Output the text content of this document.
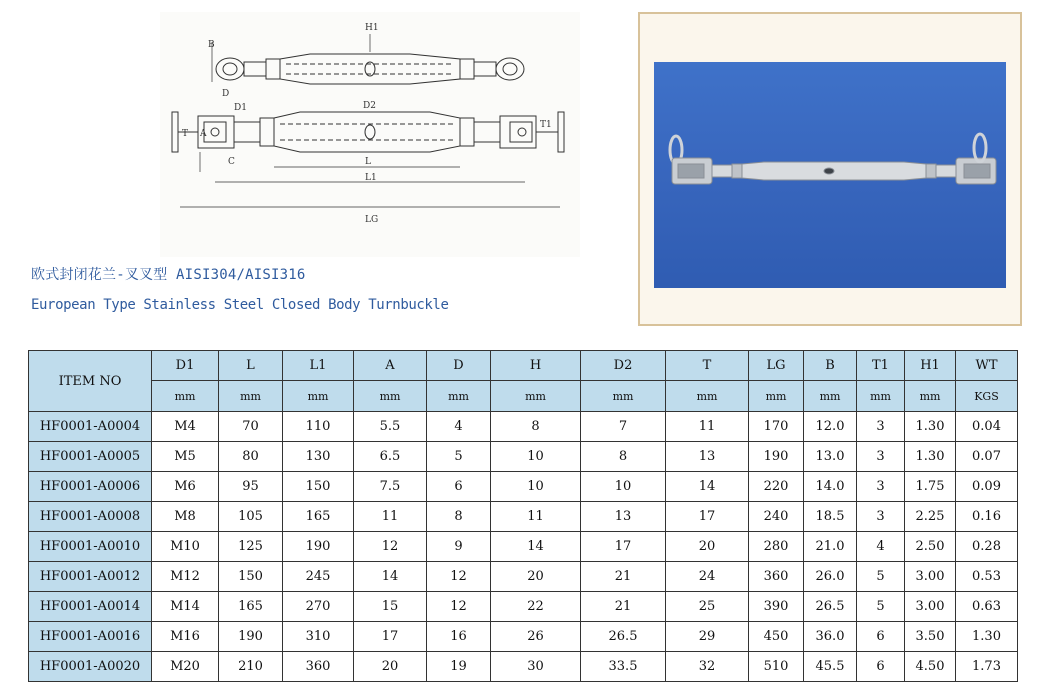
B
H1
D
D1	D2
T1
T A
C	L
L1
LG
欧式封闭花兰-叉叉型 AISI304/AISI316
European Type Stainless Steel Closed Body Turnbuckle
ITEM NO	D1	L	L1	A	D	H	D2	T	LG	B	T1	H1	WT
	mm	mm	mm	mm	mm	mm	mm	mm	mm	mm	mm	mm	KGS
HF0001-A0004	M4	70	110	5.5	4	8	7	11	170	12.0	3	1.30	0.04
HF0001-A0005	M5	80	130	6.5	5	10	8	13	190	13.0	3	1.30	0.07
HF0001-A0006	M6	95	150	7.5	6	10	10	14	220	14.0	3	1.75	0.09
HF0001-A0008	M8	105	165	11	8	11	13	17	240	18.5	3	2.25	0.16
HF0001-A0010	M10	125	190	12	9	14	17	20	280	21.0	4	2.50	0.28
HF0001-A0012	M12	150	245	14	12	20	21	24	360	26.0	5	3.00	0.53
HF0001-A0014	M14	165	270	15	12	22	21	25	390	26.5	5	3.00	0.63
HF0001-A0016	M16	190	310	17	16	26	26.5	29	450	36.0	6	3.50	1.30
HF0001-A0020	M20	210	360	20	19	30	33.5	32	510	45.5	6	4.50	1.73
